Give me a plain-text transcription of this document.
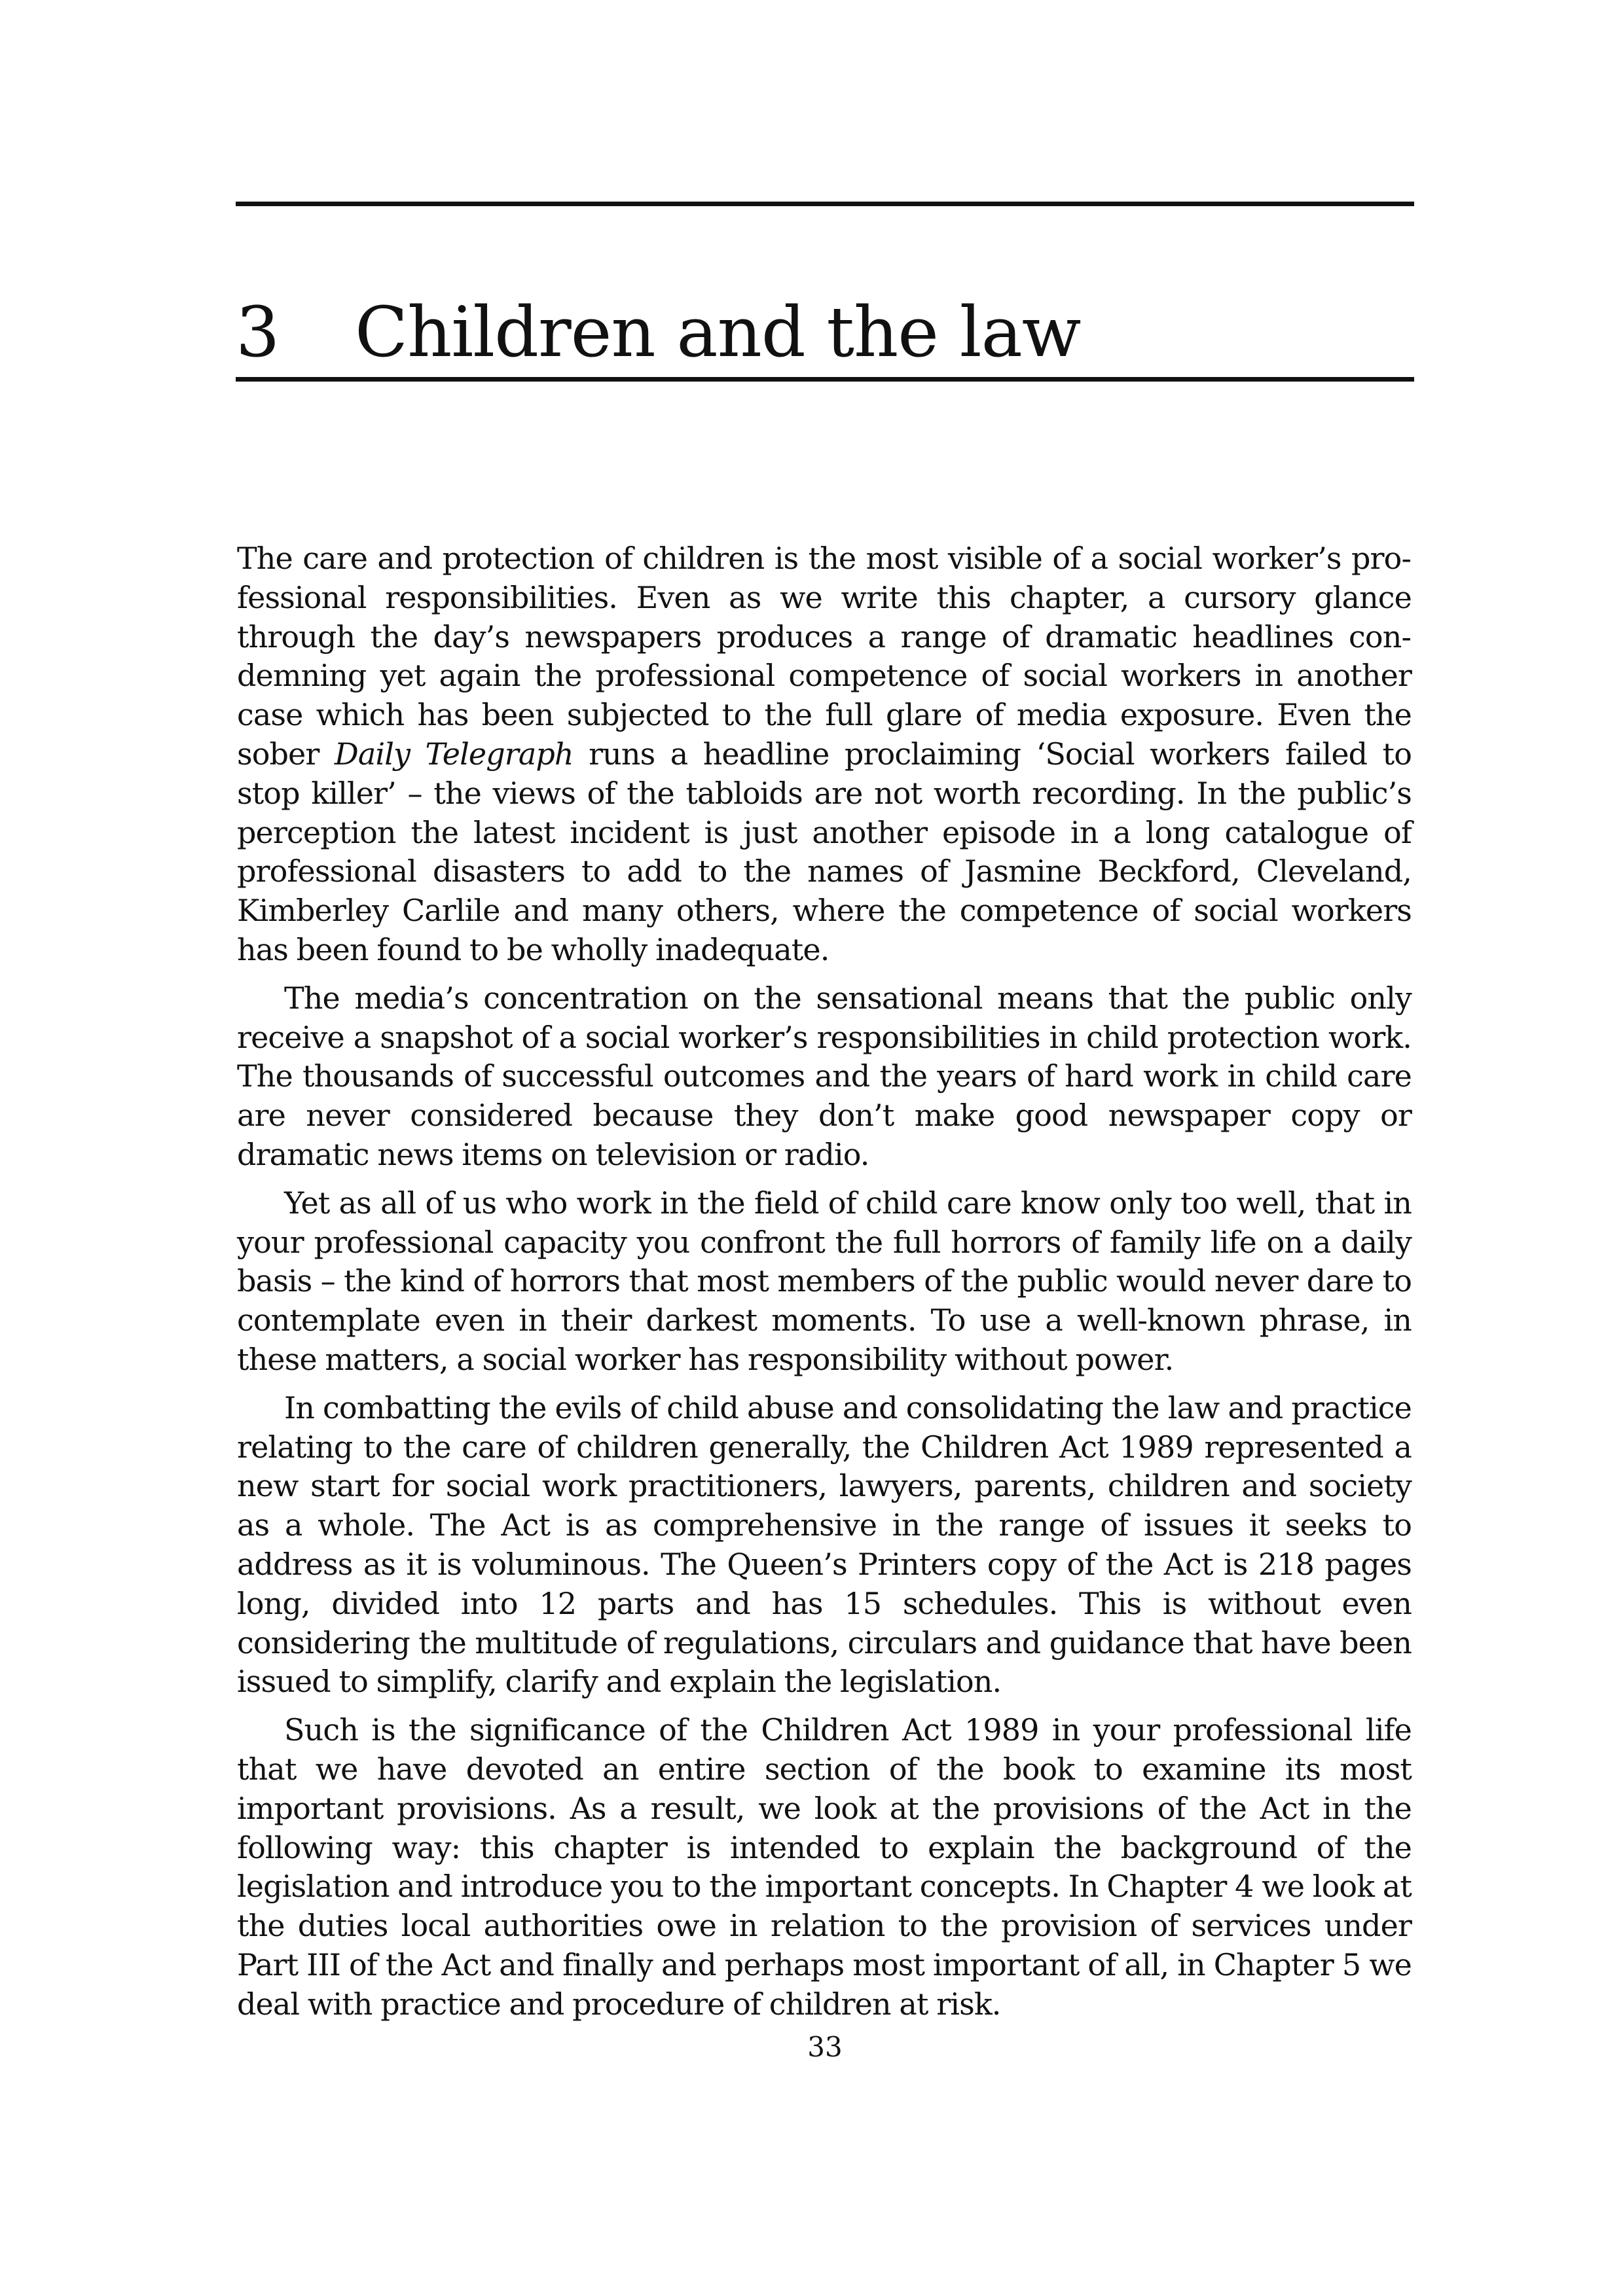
3 Children and the law

The care and protection of children is the most visible of a social worker’s professional responsibilities. Even as we write this chapter, a cursory glance through the day’s newspapers produces a range of dramatic headlines condemning yet again the professional competence of social workers in another case which has been subjected to the full glare of media exposure. Even the sober Daily Telegraph runs a headline proclaiming ‘Social workers failed to stop killer’ – the views of the tabloids are not worth recording. In the public’s perception the latest incident is just another episode in a long catalogue of professional disasters to add to the names of Jasmine Beckford, Cleveland, Kimberley Carlile and many others, where the competence of social workers has been found to be wholly inadequate.

The media’s concentration on the sensational means that the public only receive a snapshot of a social worker’s responsibilities in child protection work. The thousands of successful outcomes and the years of hard work in child care are never considered because they don’t make good newspaper copy or dramatic news items on television or radio.

Yet as all of us who work in the field of child care know only too well, that in your professional capacity you confront the full horrors of family life on a daily basis – the kind of horrors that most members of the public would never dare to contemplate even in their darkest moments. To use a well-known phrase, in these matters, a social worker has responsibility without power.

In combatting the evils of child abuse and consolidating the law and practice relating to the care of children generally, the Children Act 1989 represented a new start for social work practitioners, lawyers, parents, children and society as a whole. The Act is as comprehensive in the range of issues it seeks to address as it is voluminous. The Queen’s Printers copy of the Act is 218 pages long, divided into 12 parts and has 15 schedules. This is without even considering the multitude of regulations, circulars and guidance that have been issued to simplify, clarify and explain the legislation.

Such is the significance of the Children Act 1989 in your professional life that we have devoted an entire section of the book to examine its most important provisions. As a result, we look at the provisions of the Act in the following way: this chapter is intended to explain the background of the legislation and introduce you to the important concepts. In Chapter 4 we look at the duties local authorities owe in relation to the provision of services under Part III of the Act and finally and perhaps most important of all, in Chapter 5 we deal with practice and procedure of children at risk.

33
